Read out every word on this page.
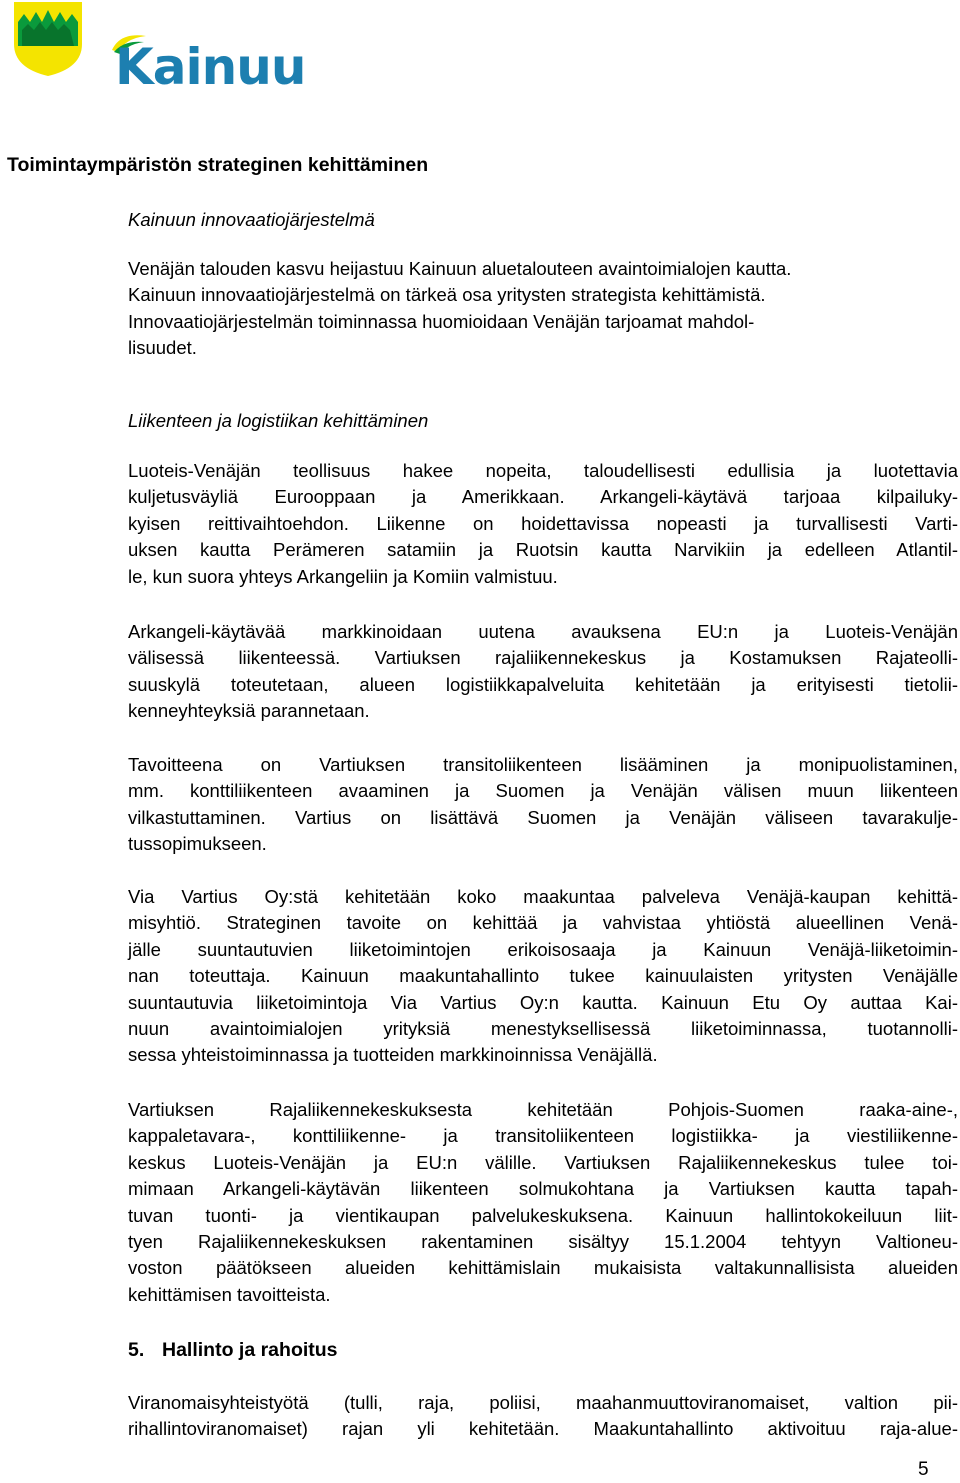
Kainuu
Toimintaympäristön strateginen kehittäminen
Kainuun innovaatiojärjestelmä

Venäjän talouden kasvu heijastuu Kainuun aluetalouteen avaintoimialojen kautta.
Kainuun innovaatiojärjestelmä on tärkeä osa yritysten strategista kehittämistä.
Innovaatiojärjestelmän toiminnassa huomioidaan Venäjän tarjoamat mahdol-
lisuudet.

Liikenteen ja logistiikan kehittäminen

Luoteis-Venäjän teollisuus hakee nopeita, taloudellisesti edullisia ja luotettavia
kuljetusväyliä Eurooppaan ja Amerikkaan. Arkangeli-käytävä tarjoaa kilpailuky-
kyisen reittivaihtoehdon. Liikenne on hoidettavissa nopeasti ja turvallisesti Varti-
uksen kautta Perämeren satamiin ja Ruotsin kautta Narvikiin ja edelleen Atlantil-
le, kun suora yhteys Arkangeliin ja Komiin valmistuu.

Arkangeli-käytävää markkinoidaan uutena avauksena EU:n ja Luoteis-Venäjän
välisessä liikenteessä. Vartiuksen rajaliikennekeskus ja Kostamuksen Rajateolli-
suuskylä toteutetaan, alueen logistiikkapalveluita kehitetään ja erityisesti tietolii-
kenneyhteyksiä parannetaan.

Tavoitteena on Vartiuksen transitoliikenteen lisääminen ja monipuolistaminen,
mm. konttiliikenteen avaaminen ja Suomen ja Venäjän välisen muun liikenteen
vilkastuttaminen. Vartius on lisättävä Suomen ja Venäjän väliseen tavarakulje-
tussopimukseen.

Via Vartius Oy:stä kehitetään koko maakuntaa palveleva Venäjä-kaupan kehittä-
misyhtiö. Strateginen tavoite on kehittää ja vahvistaa yhtiöstä alueellinen Venä-
jälle suuntautuvien liiketoimintojen erikoisosaaja ja Kainuun Venäjä-liiketoimin-
nan toteuttaja. Kainuun maakuntahallinto tukee kainuulaisten yritysten Venäjälle
suuntautuvia liiketoimintoja Via Vartius Oy:n kautta. Kainuun Etu Oy auttaa Kai-
nuun avaintoimialojen yrityksiä menestyksellisessä liiketoiminnassa, tuotannolli-
sessa yhteistoiminnassa ja tuotteiden markkinoinnissa Venäjällä.

Vartiuksen Rajaliikennekeskuksesta kehitetään Pohjois-Suomen raaka-aine-,
kappaletavara-, konttiliikenne- ja transitoliikenteen logistiikka- ja viestiliikenne-
keskus Luoteis-Venäjän ja EU:n välille. Vartiuksen Rajaliikennekeskus tulee toi-
mimaan Arkangeli-käytävän liikenteen solmukohtana ja Vartiuksen kautta tapah-
tuvan tuonti- ja vientikaupan palvelukeskuksena. Kainuun hallintokokeiluun liit-
tyen Rajaliikennekeskuksen rakentaminen sisältyy 15.1.2004 tehtyyn Valtioneu-
voston päätökseen alueiden kehittämislain mukaisista valtakunnallisista alueiden
kehittämisen tavoitteista.

5. Hallinto ja rahoitus

Viranomaisyhteistyötä (tulli, raja, poliisi, maahanmuuttoviranomaiset, valtion pii-
rihallintoviranomaiset) rajan yli kehitetään. Maakuntahallinto aktivoituu raja-alue-

5
